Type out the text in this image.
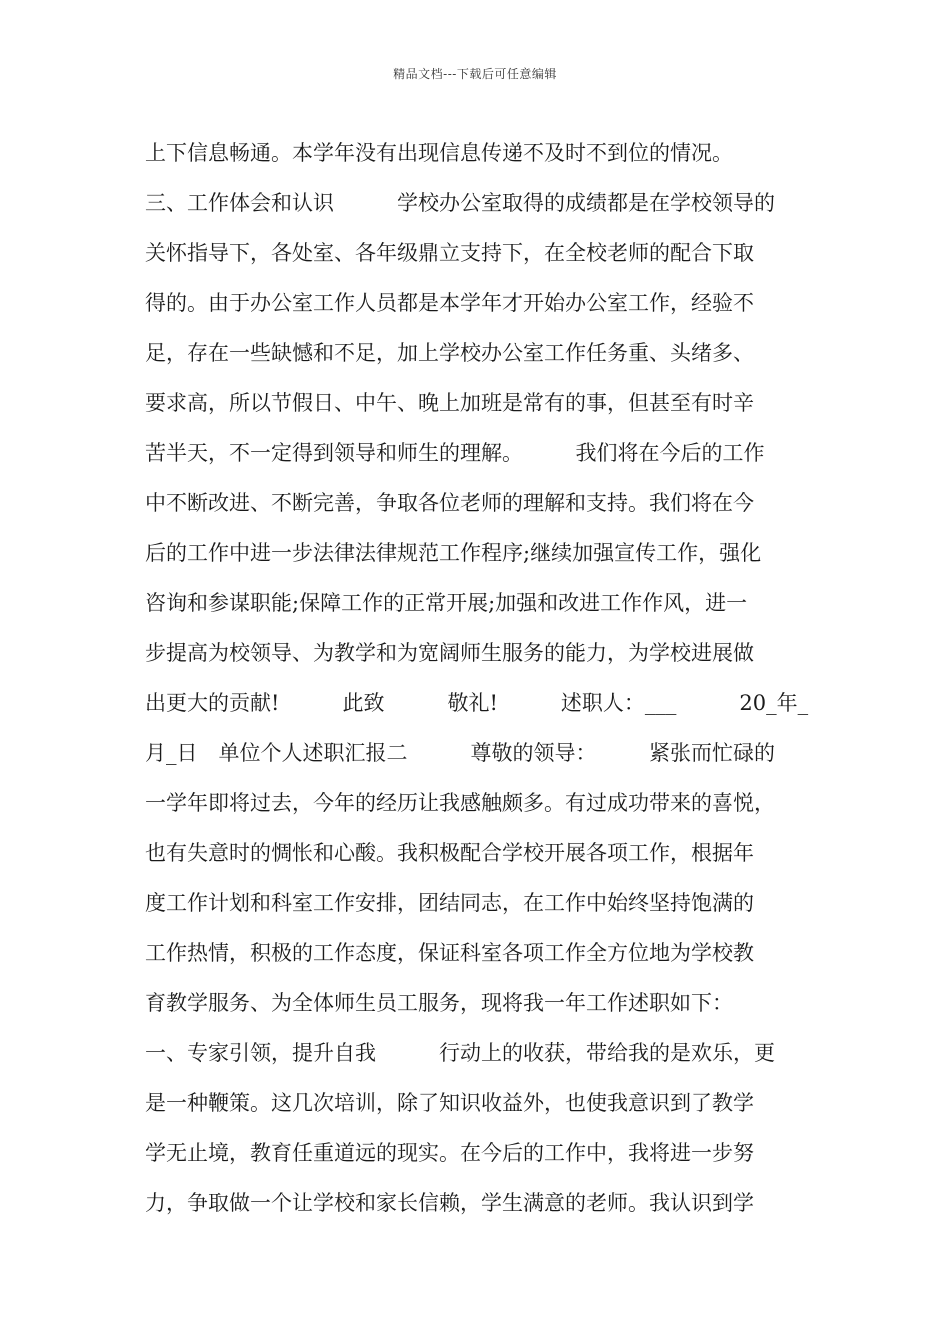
精品文档---下载后可任意编辑
上下信息畅通。本学年没有出现信息传递不及时不到位的情况。
三、工作体会和认识　　　学校办公室取得的成绩都是在学校领导的
关怀指导下，各处室、各年级鼎立支持下，在全校老师的配合下取
得的。由于办公室工作人员都是本学年才开始办公室工作，经验不
足，存在一些缺憾和不足，加上学校办公室工作任务重、头绪多、
要求高，所以节假日、中午、晚上加班是常有的事，但甚至有时辛
苦半天，不一定得到领导和师生的理解。　　　我们将在今后的工作
中不断改进、不断完善，争取各位老师的理解和支持。我们将在今
后的工作中进一步法律法律规范工作程序;继续加强宣传工作，强化
咨询和参谋职能;保障工作的正常开展;加强和改进工作作风，进一
步提高为校领导、为教学和为宽阔师生服务的能力，为学校进展做
出更大的贡献!　　　此致　　　敬礼!　　　述职人：___　　　20_年_
月_日　单位个人述职汇报二　　　尊敬的领导：　　　紧张而忙碌的
一学年即将过去，今年的经历让我感触颇多。有过成功带来的喜悦，
也有失意时的惆怅和心酸。我积极配合学校开展各项工作，根据年
度工作计划和科室工作安排，团结同志，在工作中始终坚持饱满的
工作热情，积极的工作态度，保证科室各项工作全方位地为学校教
育教学服务、为全体师生员工服务，现将我一年工作述职如下：
一、专家引领，提升自我　　　行动上的收获，带给我的是欢乐，更
是一种鞭策。这几次培训，除了知识收益外，也使我意识到了教学
学无止境，教育任重道远的现实。在今后的工作中，我将进一步努
力，争取做一个让学校和家长信赖，学生满意的老师。我认识到学
